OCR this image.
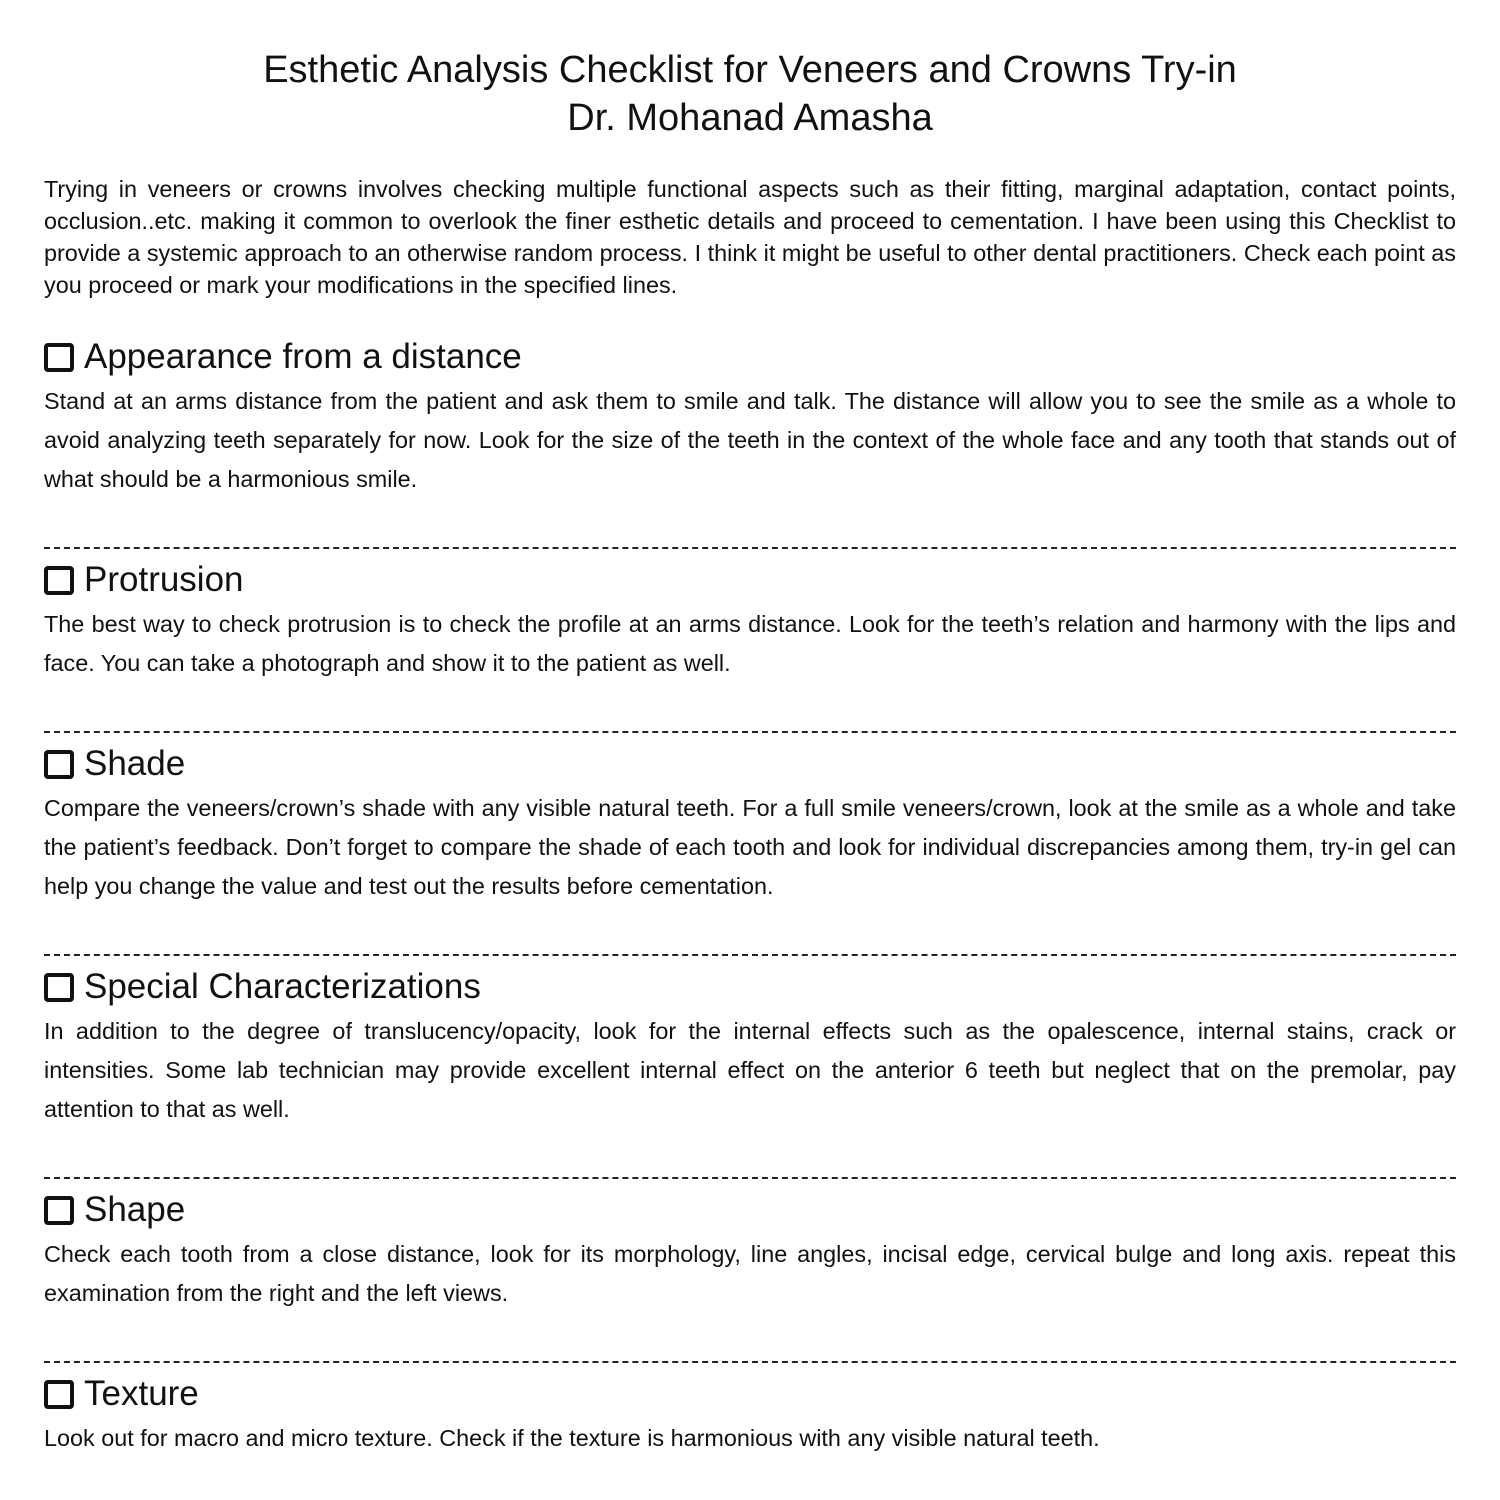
Esthetic Analysis Checklist for Veneers and Crowns Try-in
Dr. Mohanad Amasha
Trying in veneers or crowns involves checking multiple functional aspects such as their fitting, marginal adaptation, contact points, occlusion..etc. making it common to overlook the finer esthetic details and proceed to cementation. I have been using this Checklist to provide a systemic approach to an otherwise random process. I think it might be useful to other dental practitioners. Check each point as you proceed or mark your modifications in the specified lines.
Appearance from a distance
Stand at an arms distance from the patient and ask them to smile and talk. The distance will allow you to see the smile as a whole to avoid analyzing teeth separately for now. Look for the size of the teeth in the context of the whole face and any tooth that stands out of what should be a harmonious smile.
Protrusion
The best way to check protrusion is to check the profile at an arms distance. Look for the teeth’s relation and harmony with the lips and face. You can take a photograph and show it to the patient as well.
Shade
Compare the veneers/crown’s shade with any visible natural teeth. For a full smile veneers/crown, look at the smile as a whole and take the patient’s feedback. Don’t forget to compare the shade of each tooth and look for individual discrepancies among them, try-in gel can help you change the value and test out the results before cementation.
Special Characterizations
In addition to the degree of translucency/opacity, look for the internal effects such as the opalescence, internal stains, crack or intensities. Some lab technician may provide excellent internal effect on the anterior 6 teeth but neglect that on the premolar, pay attention to that as well.
Shape
Check each tooth from a close distance, look for its morphology, line angles, incisal edge, cervical bulge and long axis. repeat this examination from the right and the left views.
Texture
Look out for macro and micro texture. Check if the texture is harmonious with any visible natural teeth.
